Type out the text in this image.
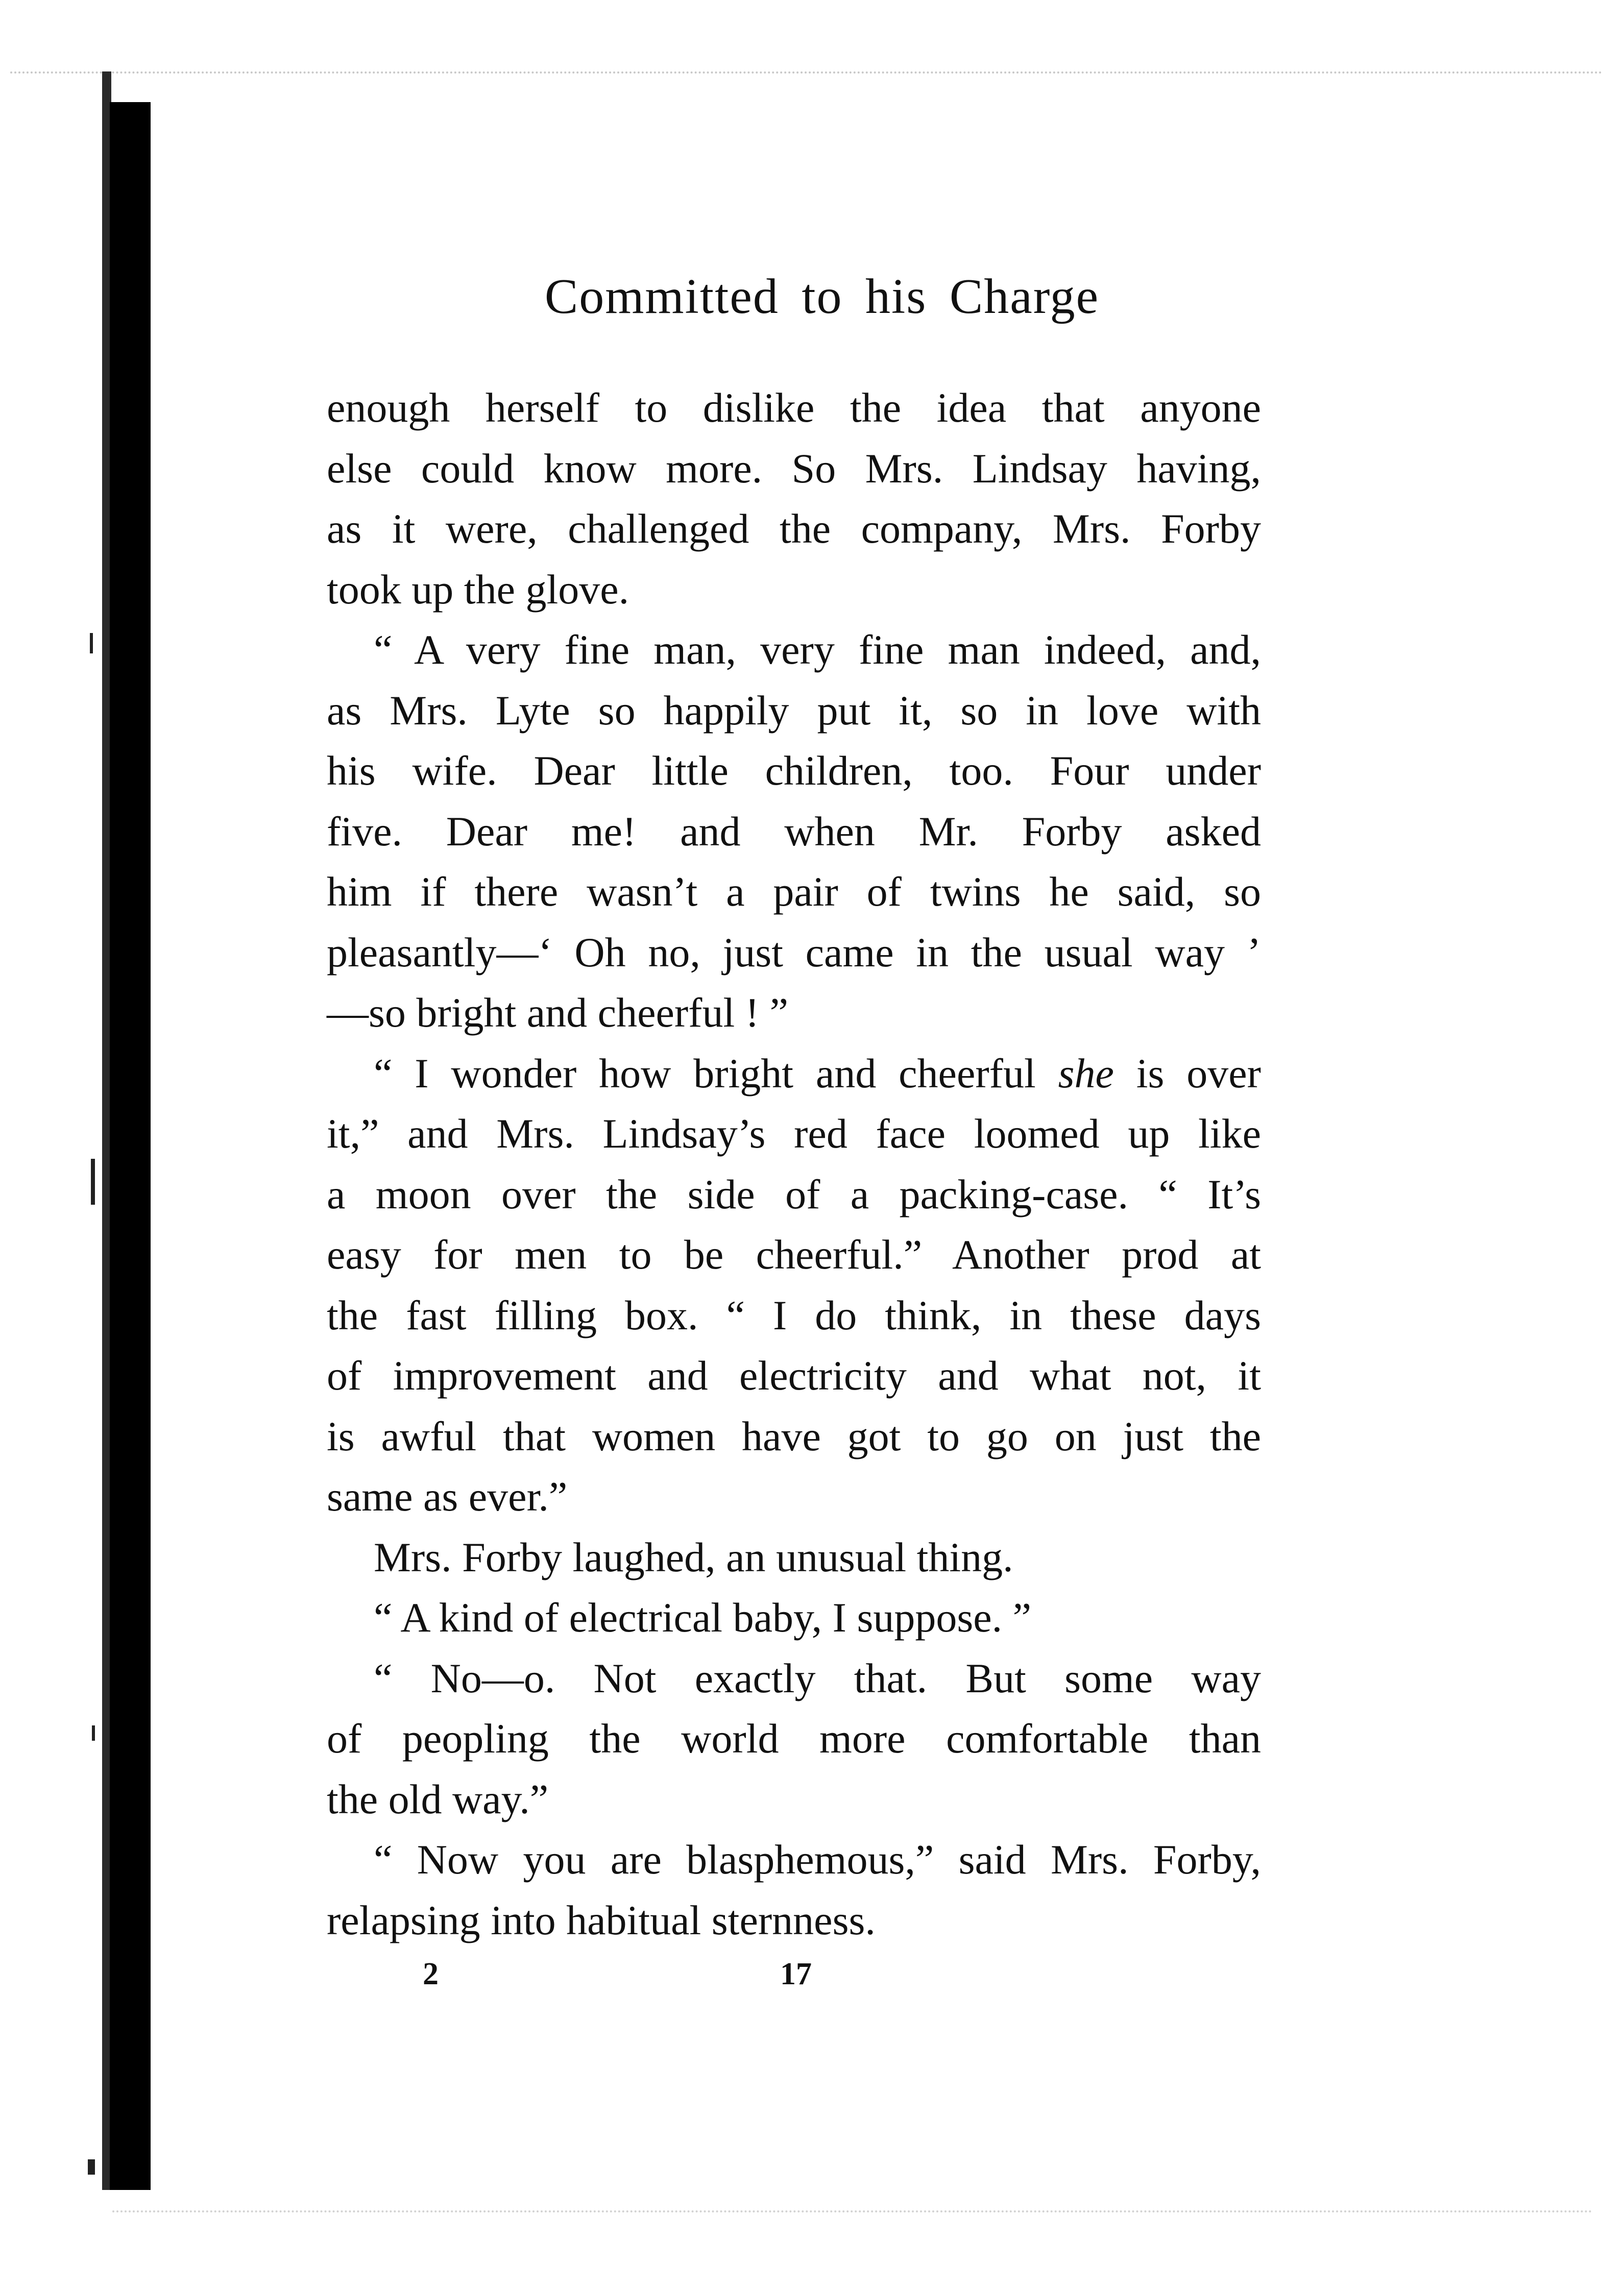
Committed to his Charge
enough herself to dislike the idea that anyone
else could know more. So Mrs. Lindsay having,
as it were, challenged the company, Mrs. Forby
took up the glove.
“ A very fine man, very fine man indeed, and,
as Mrs. Lyte so happily put it, so in love with
his wife. Dear little children, too. Four under
five. Dear me! and when Mr. Forby asked
him if there wasn’t a pair of twins he said, so
pleasantly—‘ Oh no, just came in the usual way ’
—so bright and cheerful ! ”
“ I wonder how bright and cheerful she is over
it,” and Mrs. Lindsay’s red face loomed up like
a moon over the side of a packing-case. “ It’s
easy for men to be cheerful.” Another prod at
the fast filling box. “ I do think, in these days
of improvement and electricity and what not, it
is awful that women have got to go on just the
same as ever.”
Mrs. Forby laughed, an unusual thing.
“ A kind of electrical baby, I suppose. ”
“ No—o. Not exactly that. But some way
of peopling the world more comfortable than
the old way.”
“ Now you are blasphemous,” said Mrs. Forby,
relapsing into habitual sternness.
2	17
